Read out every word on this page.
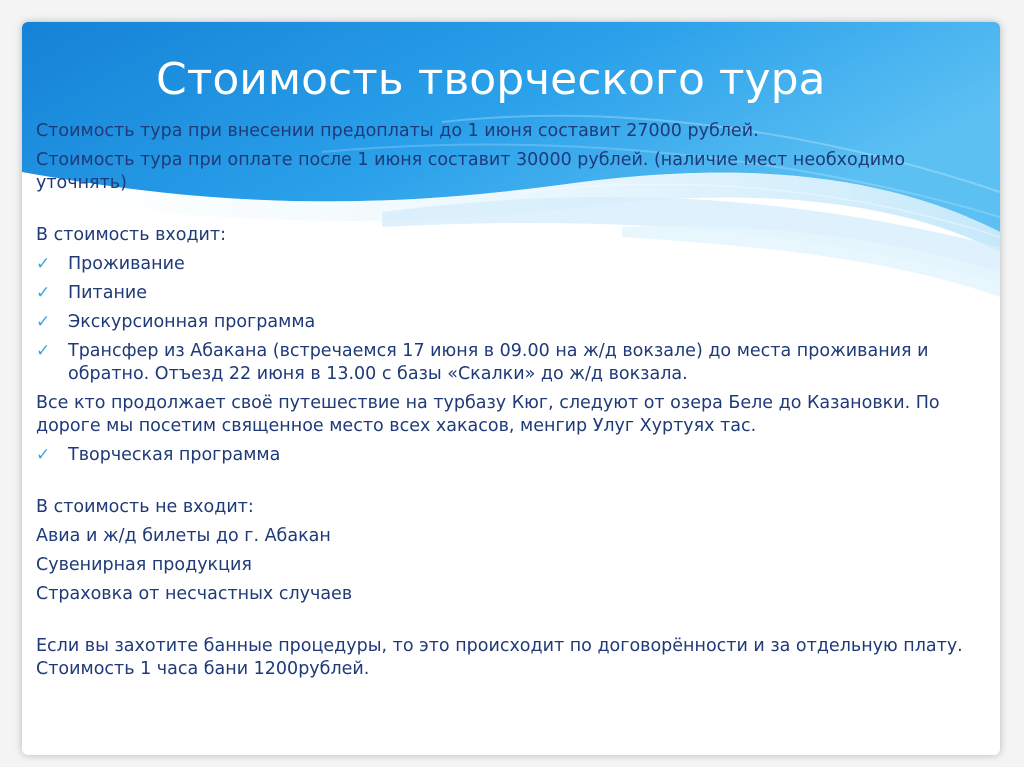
Стоимость творческого тура

Стоимость тура при внесении предоплаты до 1 июня составит 27000 рублей.

Стоимость тура при оплате после 1 июня составит 30000 рублей. (наличие мест необходимо уточнять)

В стоимость входит:

✓	Проживание
✓	Питание
✓	Экскурсионная программа
✓	Трансфер из Абакана (встречаемся 17 июня в 09.00 на ж/д вокзале) до места проживания и обратно. Отъезд 22 июня в 13.00 с базы «Скалки» до ж/д вокзала.

Все кто продолжает своё путешествие на турбазу Кюг, следуют от озера Беле до Казановки. По дороге мы посетим священное место всех хакасов, менгир Улуг Хуртуях тас.

✓	Творческая программа

В стоимость не входит:

Авиа и ж/д билеты до г. Абакан

Сувенирная продукция

Страховка от несчастных случаев

Если вы захотите банные процедуры, то это происходит по договорённости и за отдельную плату. Стоимость 1 часа бани 1200рублей.
